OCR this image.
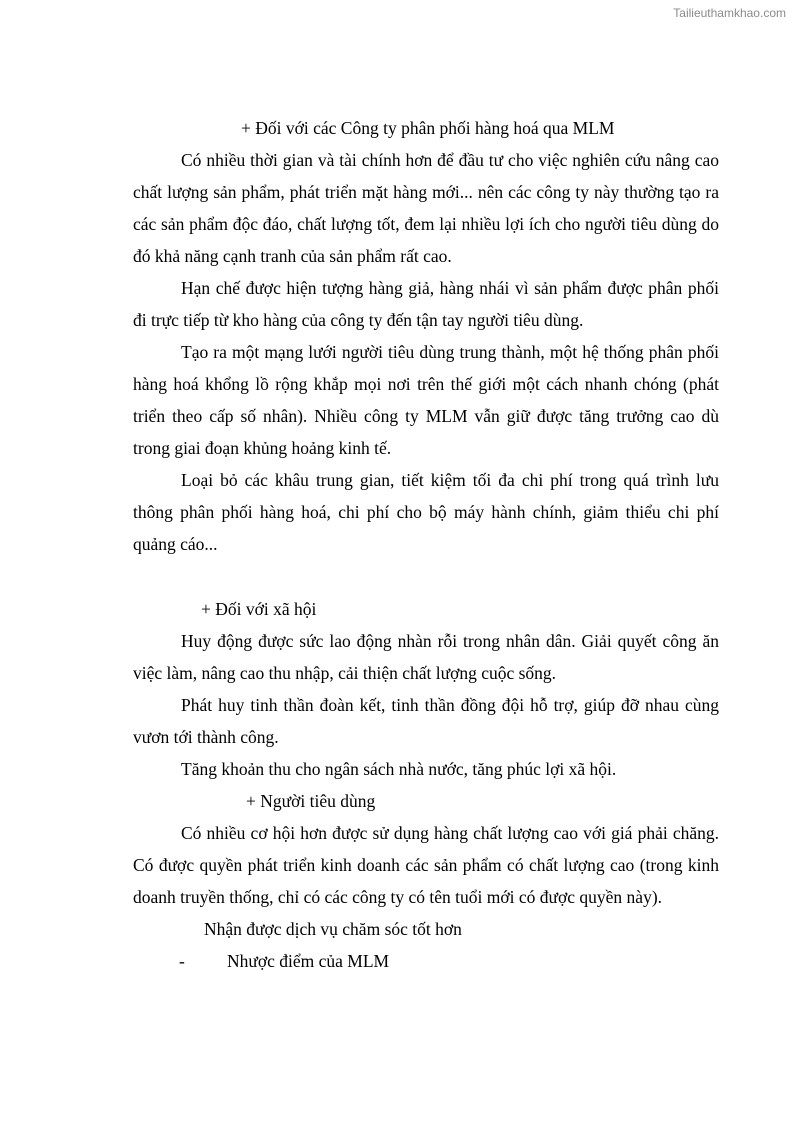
Tailieuthamkhao.com

+ Đối với các Công ty phân phối hàng hoá qua MLM

Có nhiều thời gian và tài chính hơn để đầu tư cho việc nghiên cứu nâng cao chất lượng sản phẩm, phát triển mặt hàng mới... nên các công ty này thường tạo ra các sản phẩm độc đáo, chất lượng tốt, đem lại nhiều lợi ích cho người tiêu dùng do đó khả năng cạnh tranh của sản phẩm rất cao.

Hạn chế được hiện tượng hàng giả, hàng nhái vì sản phẩm được phân phối đi trực tiếp từ kho hàng của công ty đến tận tay người tiêu dùng.

Tạo ra một mạng lưới người tiêu dùng trung thành, một hệ thống phân phối hàng hoá khổng lồ rộng khắp mọi nơi trên thế giới một cách nhanh chóng (phát triển theo cấp số nhân). Nhiều công ty MLM vẫn giữ được tăng trưởng cao dù trong giai đoạn khủng hoảng kinh tế.

Loại bỏ các khâu trung gian, tiết kiệm tối đa chi phí trong quá trình lưu thông phân phối hàng hoá, chi phí cho bộ máy hành chính, giảm thiểu chi phí quảng cáo...

+ Đối với xã hội

Huy động được sức lao động nhàn rỗi trong nhân dân. Giải quyết công ăn việc làm, nâng cao thu nhập, cải thiện chất lượng cuộc sống.

Phát huy tinh thần đoàn kết, tinh thần đồng đội hỗ trợ, giúp đỡ nhau cùng vươn tới thành công.

Tăng khoản thu cho ngân sách nhà nước, tăng phúc lợi xã hội.

+ Người tiêu dùng

Có nhiều cơ hội hơn được sử dụng hàng chất lượng cao với giá phải chăng. Có được quyền phát triển kinh doanh các sản phẩm có chất lượng cao (trong kinh doanh truyền thống, chỉ có các công ty có tên tuổi mới có được quyền này).

Nhận được dịch vụ chăm sóc tốt hơn

-	Nhược điểm của MLM
